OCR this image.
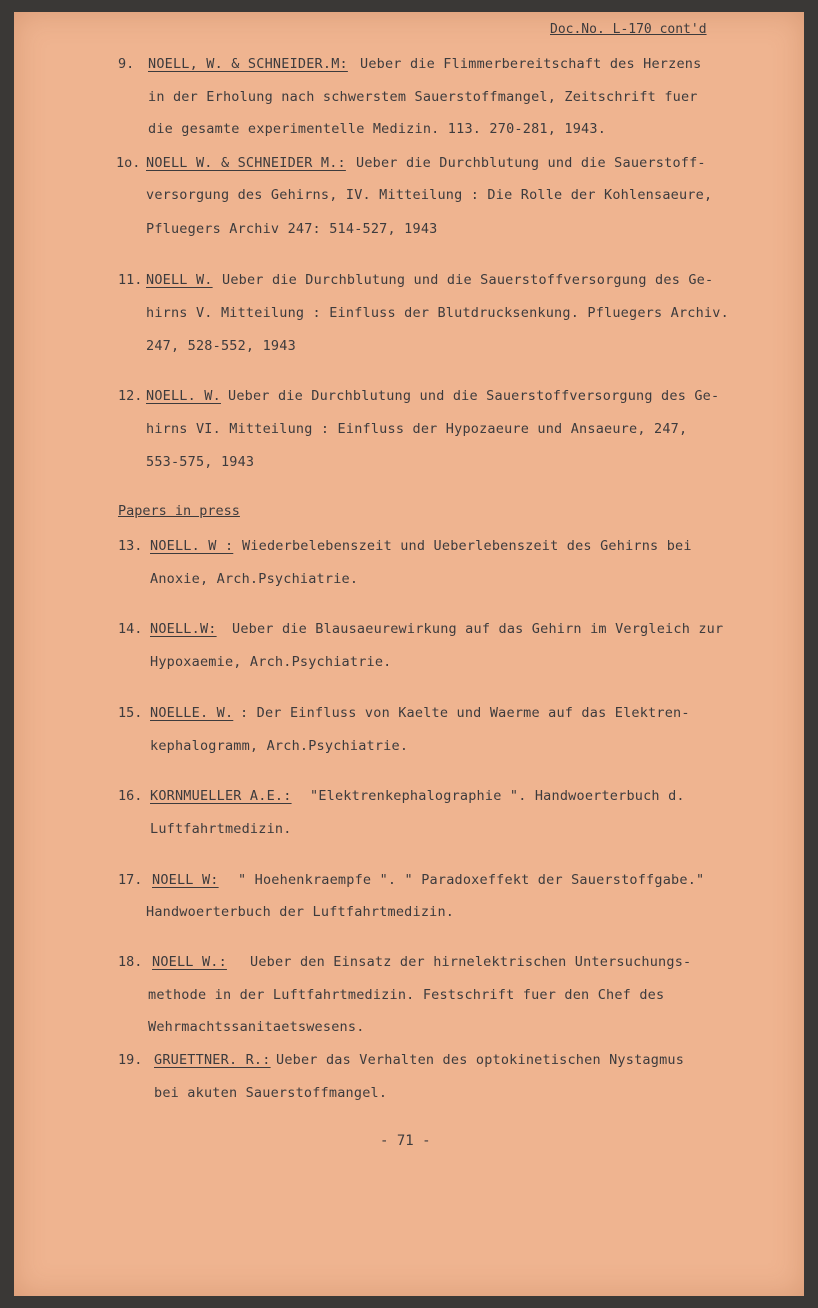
Doc.No. L-170 cont'd
9. NOELL, W. & SCHNEIDER.M: Ueber die Flimmerbereitschaft des Herzens
in der Erholung nach schwerstem Sauerstoffmangel, Zeitschrift fuer
die gesamte experimentelle Medizin. 113. 270-281, 1943.
1o. NOELL W. & SCHNEIDER M.: Ueber die Durchblutung und die Sauerstoff-
versorgung des Gehirns, IV. Mitteilung : Die Rolle der Kohlensaeure,
Pfluegers Archiv 247: 514-527, 1943
11. NOELL W. Ueber die Durchblutung und die Sauerstoffversorgung des Ge-
hirns V. Mitteilung : Einfluss der Blutdrucksenkung. Pfluegers Archiv.
247, 528-552, 1943
12. NOELL. W. Ueber die Durchblutung und die Sauerstoffversorgung des Ge-
hirns VI. Mitteilung : Einfluss der Hypozaeure und Ansaeure, 247,
553-575, 1943
Papers in press
13. NOELL. W : Wiederbelebenszeit und Ueberlebenszeit des Gehirns bei
Anoxie, Arch.Psychiatrie.
14. NOELL.W: Ueber die Blausaeurewirkung auf das Gehirn im Vergleich zur
Hypoxaemie, Arch.Psychiatrie.
15. NOELLE. W. : Der Einfluss von Kaelte und Waerme auf das Elektren-
kephalogramm, Arch.Psychiatrie.
16. KORNMUELLER A.E.: "Elektrenkephalographie ". Handwoerterbuch d.
Luftfahrtmedizin.
17. NOELL W: " Hoehenkraempfe ". " Paradoxeffekt der Sauerstoffgabe."
Handwoerterbuch der Luftfahrtmedizin.
18. NOELL W.: Ueber den Einsatz der hirnelektrischen Untersuchungs-
methode in der Luftfahrtmedizin. Festschrift fuer den Chef des
Wehrmachtssanitaetswesens.
19. GRUETTNER. R.: Ueber das Verhalten des optokinetischen Nystagmus
bei akuten Sauerstoffmangel.
- 71 -
